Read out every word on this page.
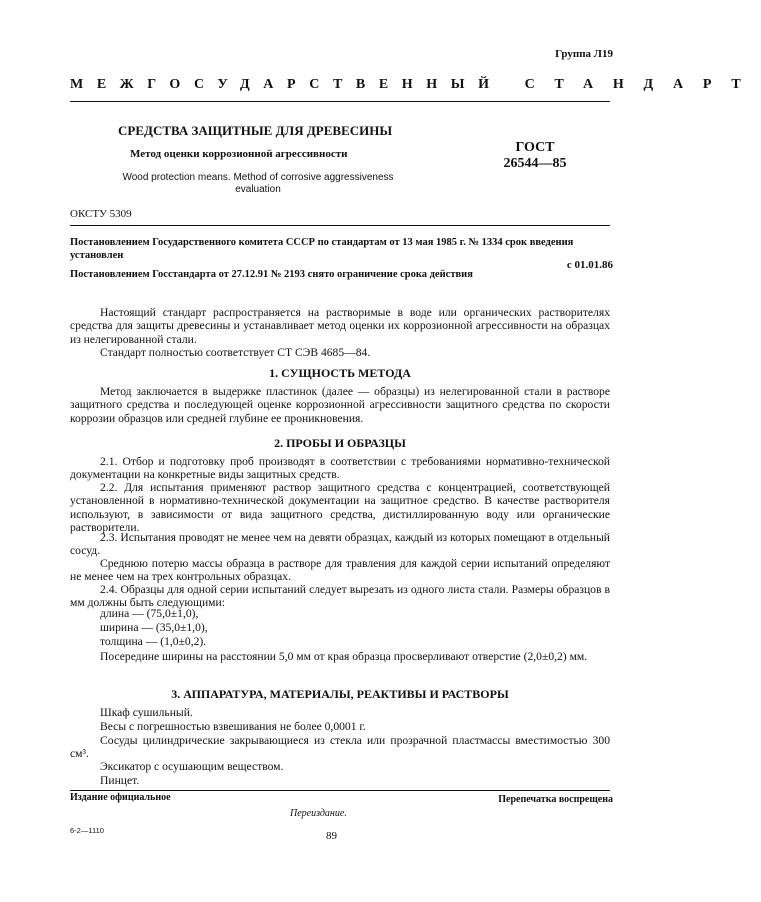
Группа Л19
МЕЖГОСУДАРСТВЕННЫЙ СТАНДАРТ
СРЕДСТВА ЗАЩИТНЫЕ ДЛЯ ДРЕВЕСИНЫ
Метод оценки коррозионной агрессивности
Wood protection means. Method of corrosive aggressiveness evaluation
ГОСТ
26544—85
ОКСТУ 5309
Постановлением Государственного комитета СССР по стандартам от 13 мая 1985 г. № 1334 срок введения установлен
с 01.01.86
Постановлением Госстандарта от 27.12.91 № 2193 снято ограничение срока действия
Настоящий стандарт распространяется на растворимые в воде или органических растворителях средства для защиты древесины и устанавливает метод оценки их коррозионной агрессивности на образцах из нелегированной стали.
Стандарт полностью соответствует СТ СЭВ 4685—84.
1. СУЩНОСТЬ МЕТОДА
Метод заключается в выдержке пластинок (далее — образцы) из нелегированной стали в растворе защитного средства и последующей оценке коррозионной агрессивности защитного средства по скорости коррозии образцов или средней глубине ее проникновения.
2. ПРОБЫ И ОБРАЗЦЫ
2.1. Отбор и подготовку проб производят в соответствии с требованиями нормативно-технической документации на конкретные виды защитных средств.
2.2. Для испытания применяют раствор защитного средства с концентрацией, соответствующей установленной в нормативно-технической документации на защитное средство. В качестве растворителя используют, в зависимости от вида защитного средства, дистиллированную воду или органические растворители.
2.3. Испытания проводят не менее чем на девяти образцах, каждый из которых помещают в отдельный сосуд.
Среднюю потерю массы образца в растворе для травления для каждой серии испытаний определяют не менее чем на трех контрольных образцах.
2.4. Образцы для одной серии испытаний следует вырезать из одного листа стали. Размеры образцов в мм должны быть следующими:
длина — (75,0±1,0),
ширина — (35,0±1,0),
толщина — (1,0±0,2).
Посередине ширины на расстоянии 5,0 мм от края образца просверливают отверстие (2,0±0,2) мм.
3. АППАРАТУРА, МАТЕРИАЛЫ, РЕАКТИВЫ И РАСТВОРЫ
Шкаф сушильный.
Весы с погрешностью взвешивания не более 0,0001 г.
Сосуды цилиндрические закрывающиеся из стекла или прозрачной пластмассы вместимостью 300 см³.
Эксикатор с осушающим веществом.
Пинцет.
Издание официальное	Перепечатка воспрещена
Переиздание.
6-2—1110	89
